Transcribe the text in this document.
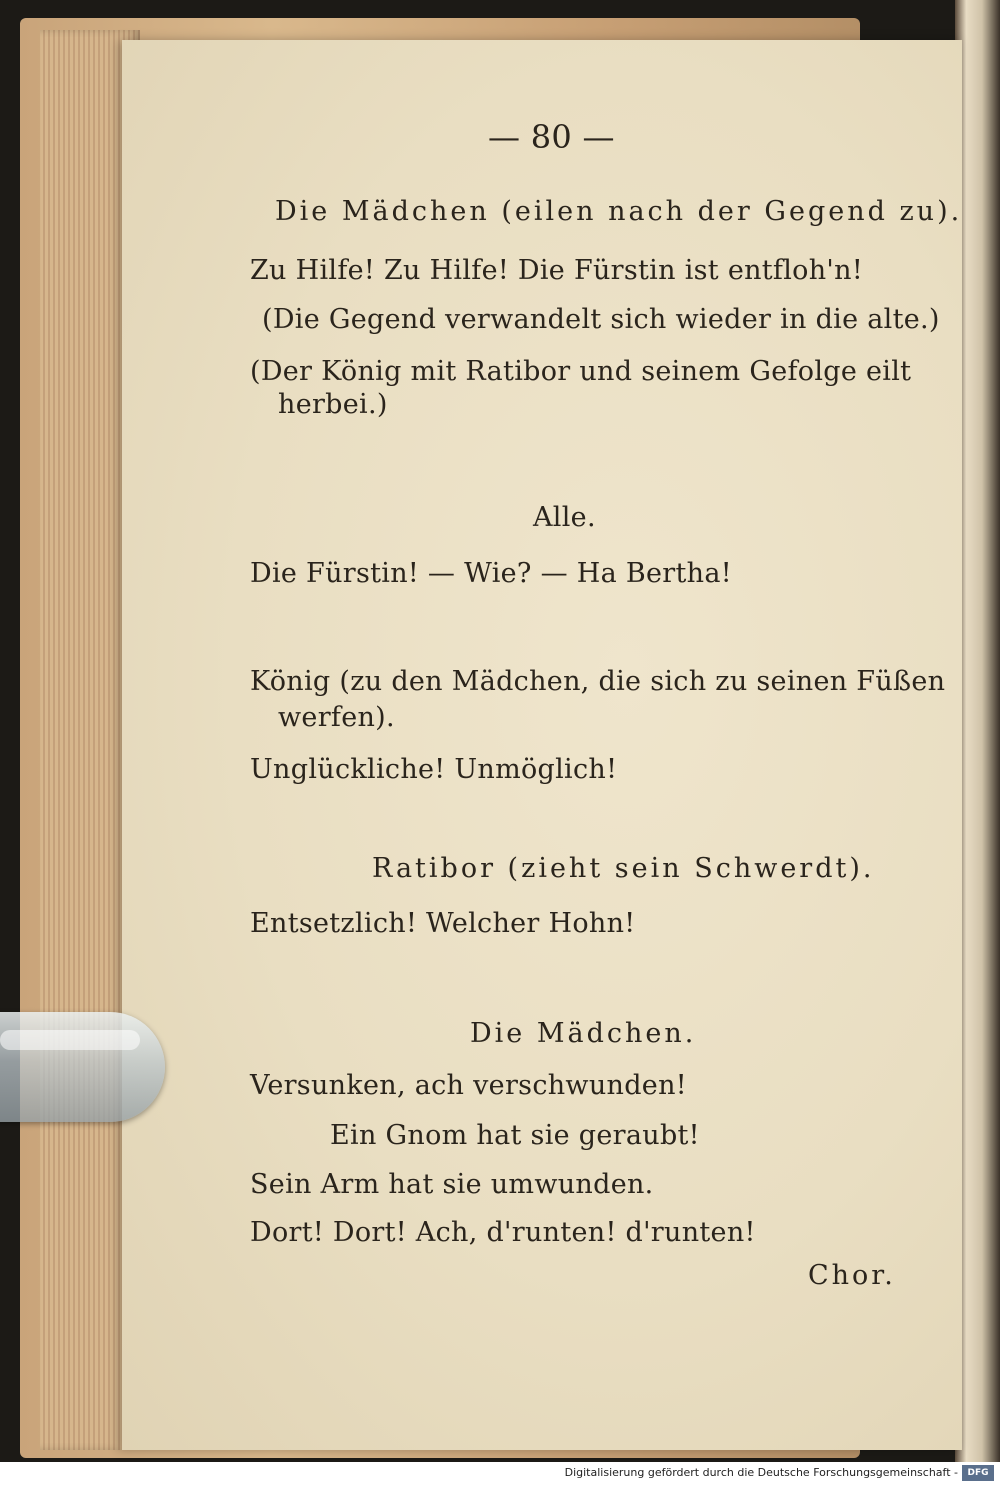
— 80 —
Die Mädchen (eilen nach der Gegend zu).
Zu Hilfe! Zu Hilfe! Die Fürstin ist entfloh'n!
(Die Gegend verwandelt sich wieder in die alte.)
(Der König mit Ratibor und seinem Gefolge eilt
herbei.)
Alle.
Die Fürstin! — Wie? — Ha Bertha!
König (zu den Mädchen, die sich zu seinen Füßen
werfen).
Unglückliche! Unmöglich!
Ratibor (zieht sein Schwerdt).
Entsetzlich! Welcher Hohn!
Die Mädchen.
Versunken, ach verschwunden!
Ein Gnom hat sie geraubt!
Sein Arm hat sie umwunden.
Dort! Dort! Ach, d'runten! d'runten!
Chor.
Digitalisierung gefördert durch die Deutsche Forschungsgemeinschaft -	DFG
